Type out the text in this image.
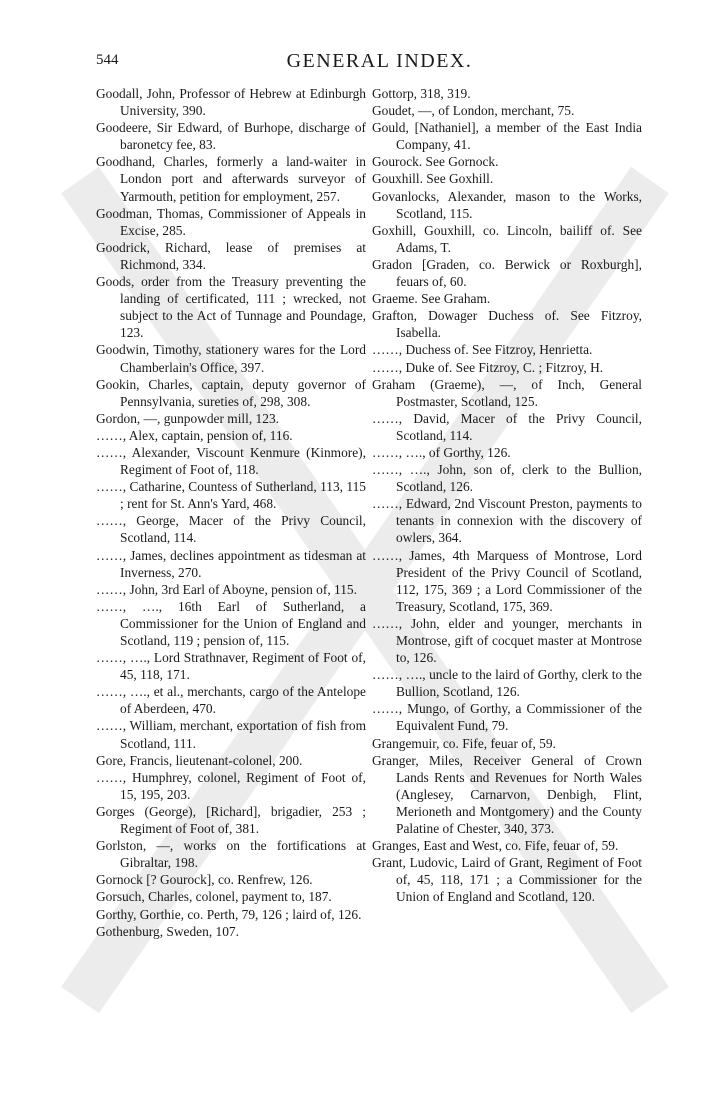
544	GENERAL INDEX.

Goodall, John, Professor of Hebrew at Edinburgh University, 390.

Goodeere, Sir Edward, of Burhope, discharge of baronetcy fee, 83.

Goodhand, Charles, formerly a land-waiter in London port and afterwards surveyor of Yarmouth, petition for employment, 257.

Goodman, Thomas, Commissioner of Appeals in Excise, 285.

Goodrick, Richard, lease of premises at Richmond, 334.

Goods, order from the Treasury preventing the landing of certificated, 111 ; wrecked, not subject to the Act of Tunnage and Poundage, 123.

Goodwin, Timothy, stationery wares for the Lord Chamberlain's Office, 397.

Gookin, Charles, captain, deputy governor of Pennsylvania, sureties of, 298, 308.

Gordon, —, gunpowder mill, 123.

……, Alex, captain, pension of, 116.

……, Alexander, Viscount Kenmure (Kinmore), Regiment of Foot of, 118.

……, Catharine, Countess of Sutherland, 113, 115 ; rent for St. Ann's Yard, 468.

……, George, Macer of the Privy Council, Scotland, 114.

……, James, declines appointment as tidesman at Inverness, 270.

……, John, 3rd Earl of Aboyne, pension of, 115.

……, …., 16th Earl of Sutherland, a Commissioner for the Union of England and Scotland, 119 ; pension of, 115.

……, …., Lord Strathnaver, Regiment of Foot of, 45, 118, 171.

……, …., et al., merchants, cargo of the Antelope of Aberdeen, 470.

……, William, merchant, exportation of fish from Scotland, 111.

Gore, Francis, lieutenant-colonel, 200.

……, Humphrey, colonel, Regiment of Foot of, 15, 195, 203.

Gorges (George), [Richard], brigadier, 253 ; Regiment of Foot of, 381.

Gorlston, —, works on the fortifications at Gibraltar, 198.

Gornock [? Gourock], co. Renfrew, 126.

Gorsuch, Charles, colonel, payment to, 187.

Gorthy, Gorthie, co. Perth, 79, 126 ; laird of, 126.

Gothenburg, Sweden, 107.

Gottorp, 318, 319.

Goudet, —, of London, merchant, 75.

Gould, [Nathaniel], a member of the East India Company, 41.

Gourock. See Gornock.

Gouxhill. See Goxhill.

Govanlocks, Alexander, mason to the Works, Scotland, 115.

Goxhill, Gouxhill, co. Lincoln, bailiff of. See Adams, T.

Gradon [Graden, co. Berwick or Roxburgh], feuars of, 60.

Graeme. See Graham.

Grafton, Dowager Duchess of. See Fitzroy, Isabella.

……, Duchess of. See Fitzroy, Henrietta.

……, Duke of. See Fitzroy, C. ; Fitzroy, H.

Graham (Graeme), —, of Inch, General Postmaster, Scotland, 125.

……, David, Macer of the Privy Council, Scotland, 114.

……, …., of Gorthy, 126.

……, …., John, son of, clerk to the Bullion, Scotland, 126.

……, Edward, 2nd Viscount Preston, payments to tenants in connexion with the discovery of owlers, 364.

……, James, 4th Marquess of Montrose, Lord President of the Privy Council of Scotland, 112, 175, 369 ; a Lord Commissioner of the Treasury, Scotland, 175, 369.

……, John, elder and younger, merchants in Montrose, gift of cocquet master at Montrose to, 126.

……, …., uncle to the laird of Gorthy, clerk to the Bullion, Scotland, 126.

……, Mungo, of Gorthy, a Commissioner of the Equivalent Fund, 79.

Grangemuir, co. Fife, feuar of, 59.

Granger, Miles, Receiver General of Crown Lands Rents and Revenues for North Wales (Anglesey, Carnarvon, Denbigh, Flint, Merioneth and Montgomery) and the County Palatine of Chester, 340, 373.

Granges, East and West, co. Fife, feuar of, 59.

Grant, Ludovic, Laird of Grant, Regiment of Foot of, 45, 118, 171 ; a Commissioner for the Union of England and Scotland, 120.
